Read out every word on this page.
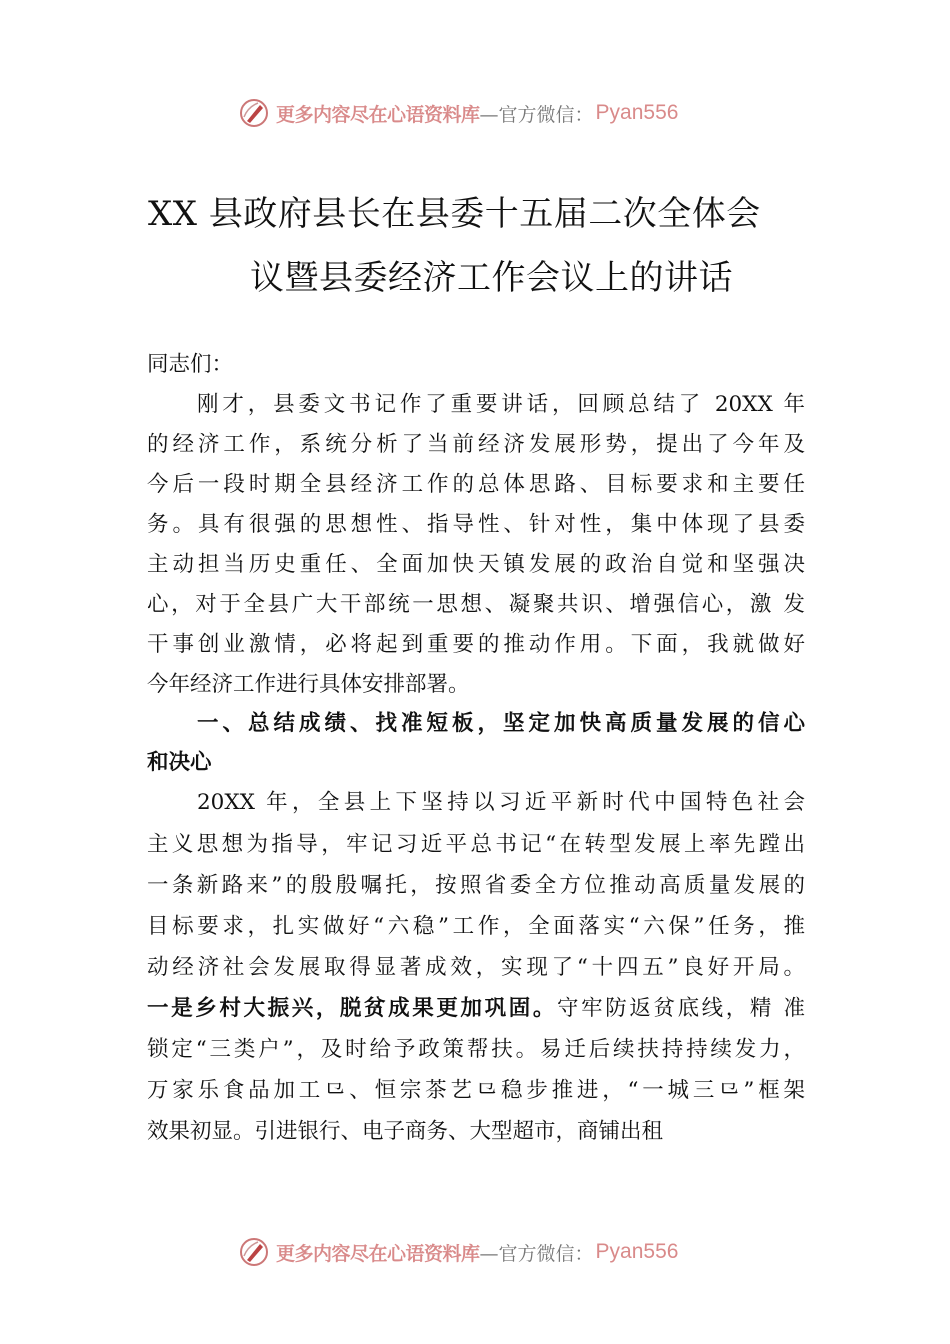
更多内容尽在心语资料库 —官方微信： Pyan556
XX 县政府县长在县委十五届二次全体会
议暨县委经济工作会议上的讲话
同志们：
刚才，县委文书记作了重要讲话，回顾总结了 20XX 年
的经济工作，系统分析了当前经济发展形势，提出了今年及
今后一段时期全县经济工作的总体思路、目标要求和主要任
务。具有很强的思想性、指导性、针对性，集中体现了县委
主动担当历史重任、全面加快天镇发展的政治自觉和坚强决
心，对于全县广大干部统一思想、凝聚共识、增强信心，激 发
干事创业激情，必将起到重要的推动作用。下面，我就做好
今年经济工作进行具体安排部署。
一、总结成绩、找准短板，坚定加快高质量发展的信心
和决心
20XX 年，全县上下坚持以习近平新时代中国特色社会
主义思想为指导，牢记习近平总书记“在转型发展上率先蹚出
一条新路来”的殷殷嘱托，按照省委全方位推动高质量发展的
目标要求，扎实做好“六稳”工作，全面落实“六保”任务，推
动经济社会发展取得显著成效，实现了“十四五”良好开局。
一是乡村大振兴，脱贫成果更加巩固。守牢防返贫底线，精 准
锁定“三类户”，及时给予政策帮扶。易迁后续扶持持续发力，
万家乐食品加工⺋、恒宗茶艺⺋稳步推进，“一城三⺋”框架
效果初显。引进银行、电子商务、大型超市，商铺出租
更多内容尽在心语资料库 —官方微信： Pyan556
